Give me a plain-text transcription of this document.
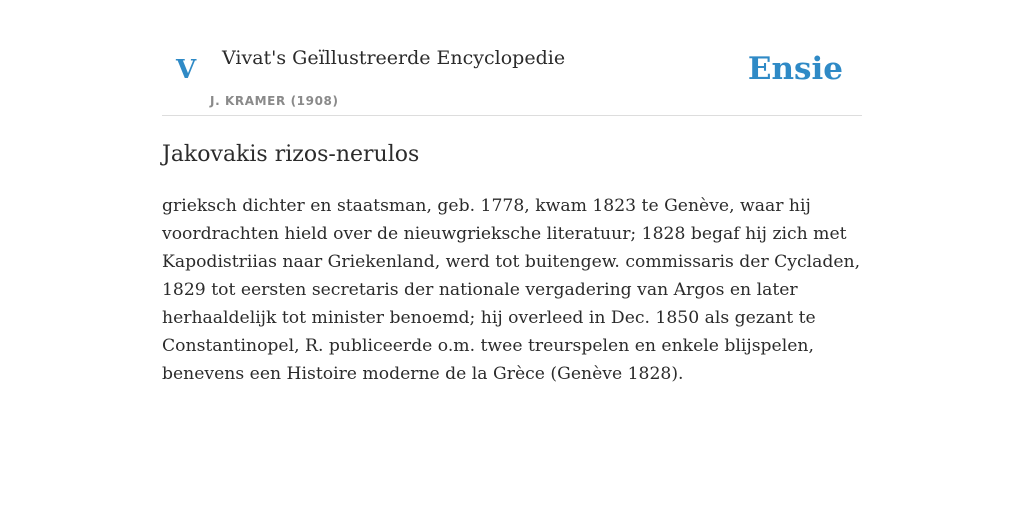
V Vivat's Geïllustreerde Encyclopedie
J. KRAMER (1908)
Ensie
Jakovakis rizos-nerulos

grieksch dichter en staatsman, geb. 1778, kwam 1823 te Genève, waar hij
voordrachten hield over de nieuwgrieksche literatuur; 1828 begaf hij zich met
Kapodistriias naar Griekenland, werd tot buitengew. commissaris der Cycladen,
1829 tot eersten secretaris der nationale vergadering van Argos en later
herhaaldelijk tot minister benoemd; hij overleed in Dec. 1850 als gezant te
Constantinopel, R. publiceerde o.m. twee treurspelen en enkele blijspelen,
benevens een Histoire moderne de la Grèce (Genève 1828).
